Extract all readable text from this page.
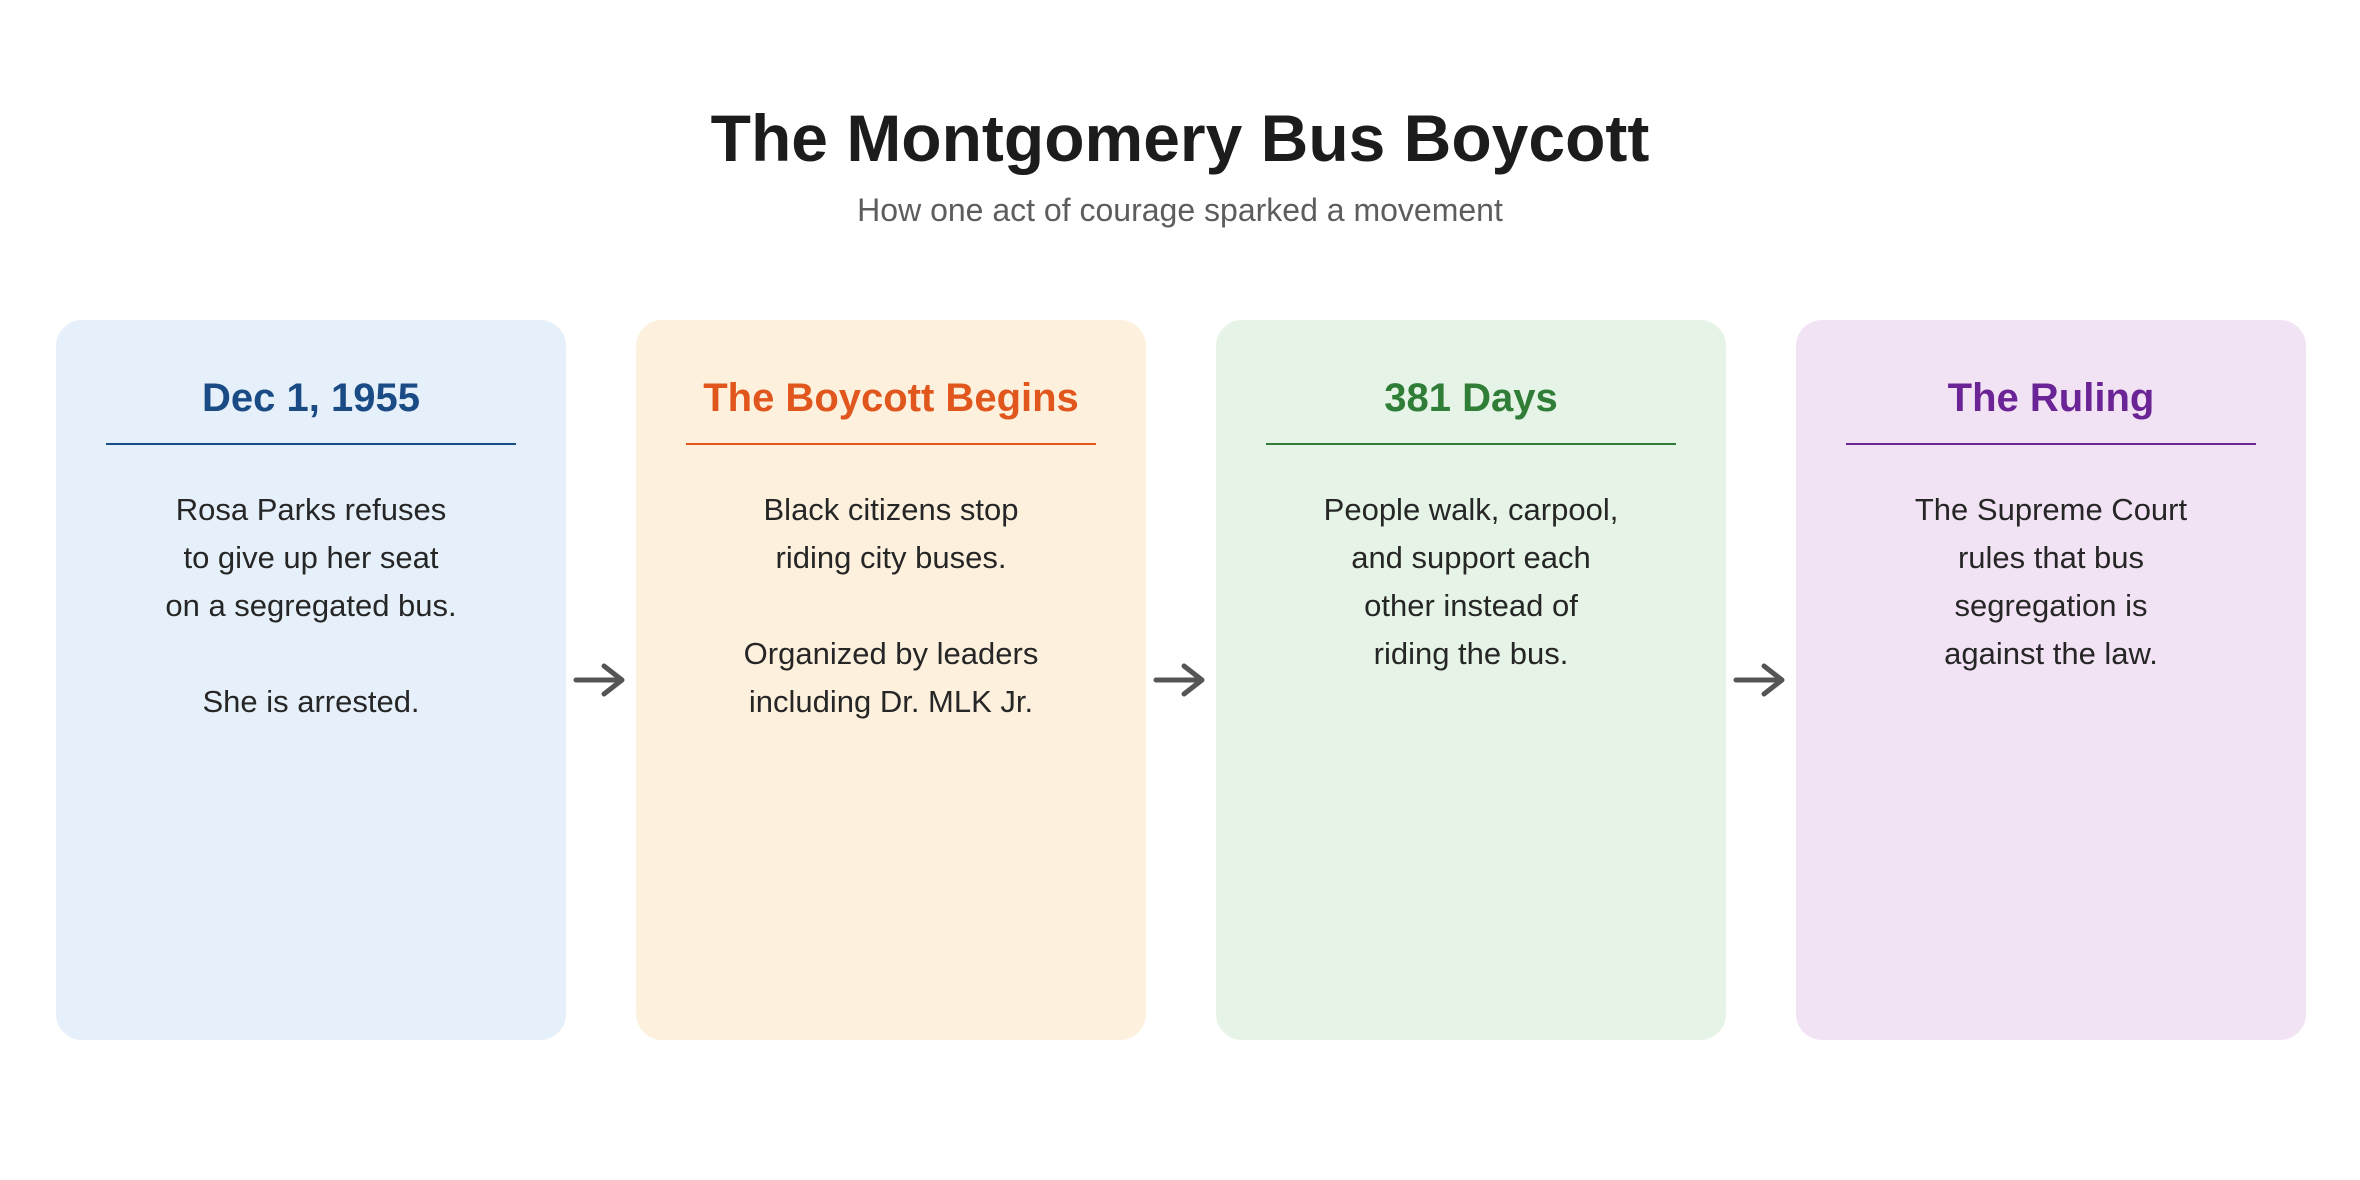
The Montgomery Bus Boycott

How one act of courage sparked a movement

Dec 1, 1955
Rosa Parks refuses
to give up her seat
on a segregated bus.
She is arrested.
The Boycott Begins
Black citizens stop
riding city buses.
Organized by leaders
including Dr. MLK Jr.
381 Days
People walk, carpool,
and support each
other instead of
riding the bus.
The Ruling
The Supreme Court
rules that bus
segregation is
against the law.
